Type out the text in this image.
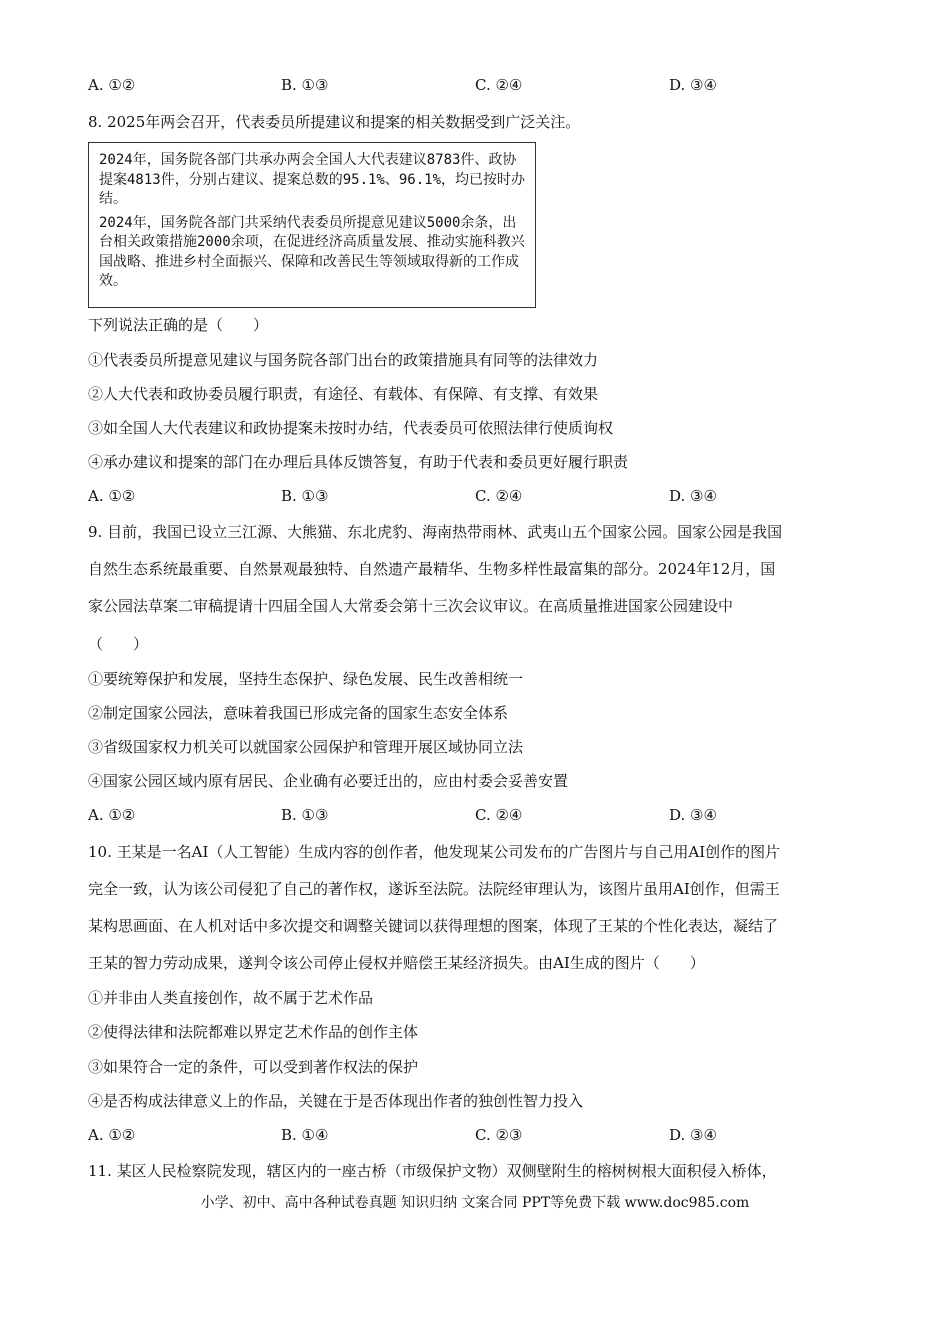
A. ①②	B. ①③	C. ②④	D. ③④
8. 2025年两会召开，代表委员所提建议和提案的相关数据受到广泛关注。

2024年，国务院各部门共承办两会全国人大代表建议8783件、政协提案4813件，分别占建议、提案总数的95.1%、96.1%，均已按时办结。

2024年，国务院各部门共采纳代表委员所提意见建议5000余条，出台相关政策措施2000余项，在促进经济高质量发展、推动实施科教兴国战略、推进乡村全面振兴、保障和改善民生等领域取得新的工作成效。

下列说法正确的是（　　）
①代表委员所提意见建议与国务院各部门出台的政策措施具有同等的法律效力
②人大代表和政协委员履行职责，有途径、有载体、有保障、有支撑、有效果
③如全国人大代表建议和政协提案未按时办结，代表委员可依照法律行使质询权
④承办建议和提案的部门在办理后具体反馈答复，有助于代表和委员更好履行职责
A. ①②	B. ①③	C. ②④	D. ③④
9. 目前，我国已设立三江源、大熊猫、东北虎豹、海南热带雨林、武夷山五个国家公园。国家公园是我国
自然生态系统最重要、自然景观最独特、自然遗产最精华、生物多样性最富集的部分。2024年12月，国
家公园法草案二审稿提请十四届全国人大常委会第十三次会议审议。在高质量推进国家公园建设中
（　　）
①要统筹保护和发展，坚持生态保护、绿色发展、民生改善相统一
②制定国家公园法，意味着我国已形成完备的国家生态安全体系
③省级国家权力机关可以就国家公园保护和管理开展区域协同立法
④国家公园区域内原有居民、企业确有必要迁出的，应由村委会妥善安置
A. ①②	B. ①③	C. ②④	D. ③④
10. 王某是一名AI（人工智能）生成内容的创作者，他发现某公司发布的广告图片与自己用AI创作的图片
完全一致，认为该公司侵犯了自己的著作权，遂诉至法院。法院经审理认为，该图片虽用AI创作，但需王
某构思画面、在人机对话中多次提交和调整关键词以获得理想的图案，体现了王某的个性化表达，凝结了
王某的智力劳动成果，遂判令该公司停止侵权并赔偿王某经济损失。由AI生成的图片（　　）
①并非由人类直接创作，故不属于艺术作品
②使得法律和法院都难以界定艺术作品的创作主体
③如果符合一定的条件，可以受到著作权法的保护
④是否构成法律意义上的作品，关键在于是否体现出作者的独创性智力投入
A. ①②	B. ①④	C. ②③	D. ③④
11. 某区人民检察院发现，辖区内的一座古桥（市级保护文物）双侧壁附生的榕树树根大面积侵入桥体，
小学、初中、高中各种试卷真题 知识归纳 文案合同 PPT等免费下载 www.doc985.com
